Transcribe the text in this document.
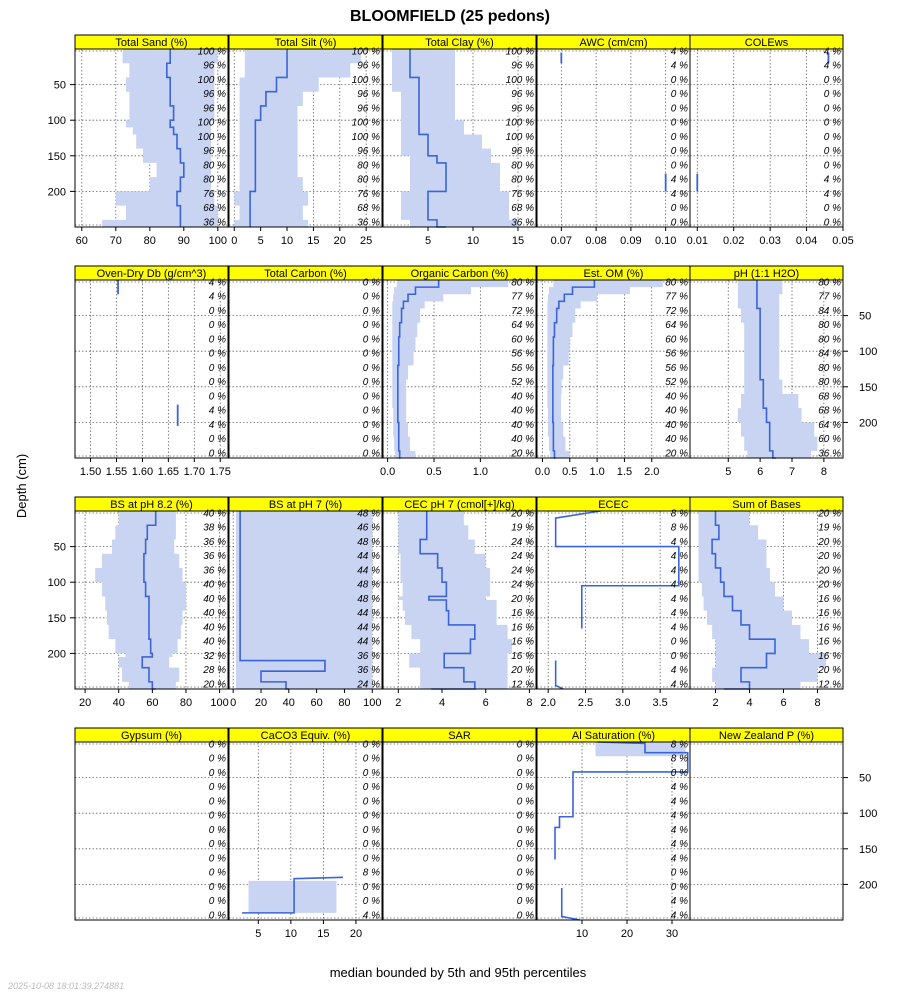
BLOOMFIELD (25 pedons)
Total Sand (%)
100 %
96 %
100 %
96 %
96 %
100 %
100 %
96 %
80 %
80 %
76 %
68 %
36 %
60 70 80 90 100
Total Silt (%)
100 %
96 %
100 %
96 %
96 %
100 %
100 %
96 %
80 %
80 %
76 %
68 %
36 %
0 5 10 15 20 25
Total Clay (%)
100 %
96 %
100 %
96 %
96 %
100 %
100 %
96 %
80 %
80 %
76 %
68 %
36 %
5	10	15
AWC (cm/cm)
4 %
4 %
0 %
0 %
0 %
0 %
0 %
0 %
0 %
4 %
4 %
0 %
0 %
0.07 0.08 0.09 0.10
COLEws
4 %
4 %
0 %
0 %
0 %
0 %
0 %
0 %
0 %
4 %
4 %
0 %
0 %
0.01 0.02 0.03 0.04 0.05
50
100
150
200
Oven-Dry Db (g/cm^3)
4 %
4 %
0 %
0 %
0 %
0 %
0 %
0 %
0 %
4 %
4 %
0 %
0 %
1.50 1.55 1.60 1.65 1.70 1.75
Total Carbon (%)
0 %
0 %
0 %
0 %
0 %
0 %
0 %
0 %
0 %
0 %
0 %
0 %
0 %
Organic Carbon (%)
80 %
77 %
72 %
64 %
60 %
56 %
56 %
52 %
40 %
40 %
40 %
40 %
20 %
0.0	0.5	1.0
Est. OM (%)
80 %
77 %
72 %
64 %
60 %
56 %
56 %
52 %
40 %
40 %
40 %
40 %
20 %
0.0 0.5 1.0 1.5 2.0
pH (1:1 H2O)
80 %
77 %
84 %
80 %
80 %
84 %
80 %
80 %
68 %
68 %
64 %
60 %
36 %
5 6 7 8
50
100
150
200
BS at pH 8.2 (%)
40 %
38 %
36 %
36 %
36 %
40 %
40 %
40 %
40 %
40 %
32 %
28 %
20 %
20 40 60 80 100
BS at pH 7 (%)
48 %
46 %
48 %
44 %
44 %
48 %
48 %
44 %
44 %
44 %
36 %
36 %
24 %
0 20 40 60 80 100
CEC pH 7 (cmol[+]/kg)
20 %
19 %
24 %
24 %
24 %
24 %
20 %
16 %
16 %
16 %
16 %
20 %
12 %
2	4	6	8
ECEC
8 %
8 %
4 %
4 %
4 %
4 %
4 %
4 %
4 %
0 %
0 %
4 %
4 %
2.0 2.5 3.0 3.5
Sum of Bases
20 %
19 %
20 %
20 %
20 %
20 %
16 %
16 %
16 %
16 %
16 %
20 %
12 %
2	4	6	8
50
100
150
200
Gypsum (%)
0 %
0 %
0 %
0 %
0 %
0 %
0 %
0 %
0 %
0 %
0 %
0 %
0 %
CaCO3 Equiv. (%)
0 %
0 %
0 %
0 %
0 %
0 %
0 %
0 %
0 %
8 %
0 %
0 %
4 %
5 10 15 20
SAR
0 %
0 %
0 %
0 %
0 %
0 %
0 %
0 %
0 %
0 %
0 %
0 %
0 %
Al Saturation (%)
8 %
8 %
0 %
4 %
4 %
4 %
4 %
4 %
4 %
0 %
0 %
4 %
4 %
10	20	30
New Zealand P (%)
50
100
150
200
Depth (cm)
median bounded by 5th and 95th percentiles
2025-10-08 18:01:39.274881
